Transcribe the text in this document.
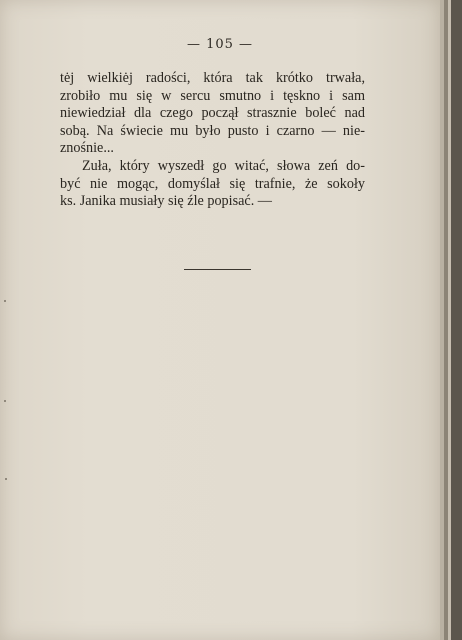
— 105 —
tėj wielkiėj radości, która tak krótko trwała,
zrobiło mu się w sercu smutno i tęskno i sam
niewiedział dla czego począł strasznie boleć nad
sobą. Na świecie mu było pusto i czarno — nie-
znośnie...
Zuła, który wyszedł go witać, słowa zeń do-
być nie mogąc, domyślał się trafnie, że sokoły
ks. Janika musiały się źle popisać. —
